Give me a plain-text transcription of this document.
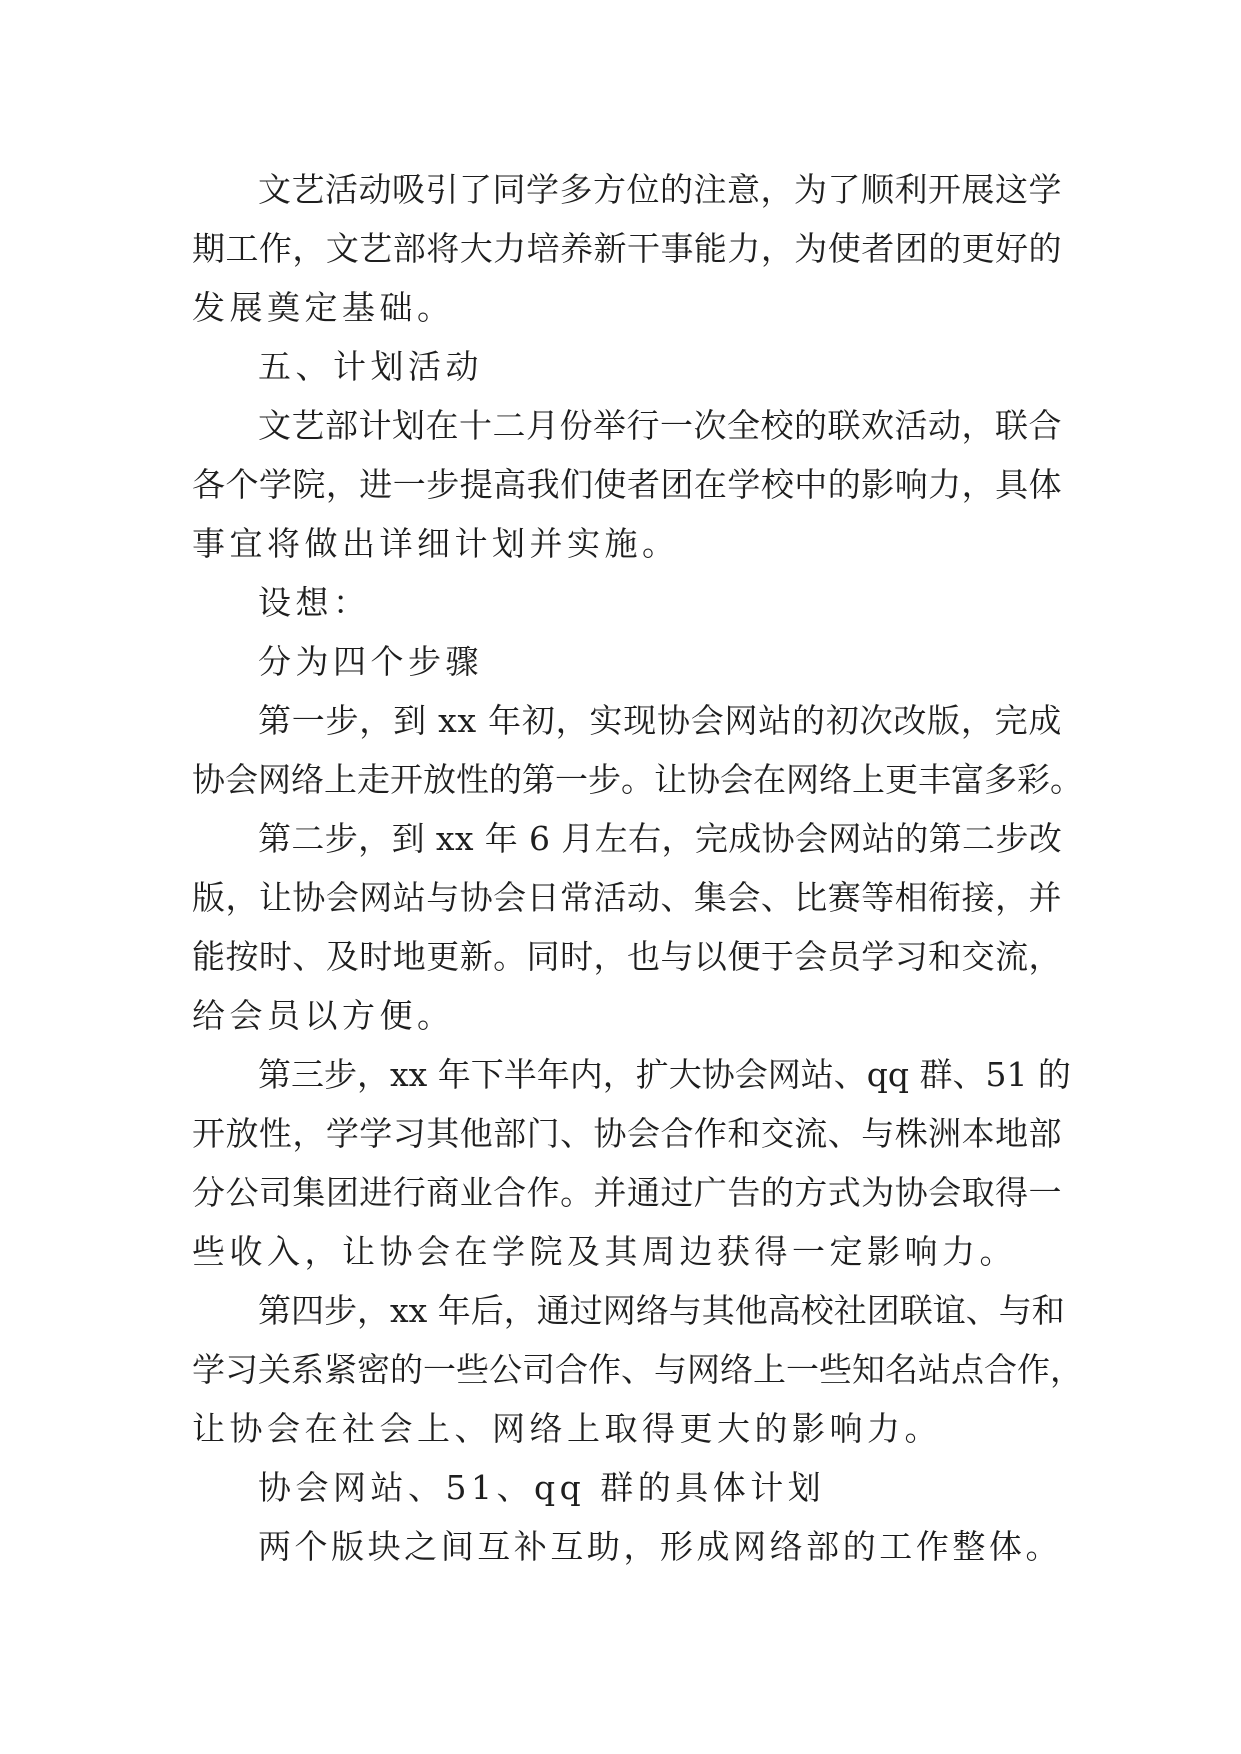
文艺活动吸引了同学多方位的注意，为了顺利开展这学
期工作，文艺部将大力培养新干事能力，为使者团的更好的
发展奠定基础。
五、计划活动
文艺部计划在十二月份举行一次全校的联欢活动，联合
各个学院，进一步提高我们使者团在学校中的影响力，具体
事宜将做出详细计划并实施。
设想：
分为四个步骤
第一步，到 xx 年初，实现协会网站的初次改版，完成
协会网络上走开放性的第一步。让协会在网络上更丰富多彩。
第二步，到 xx 年 6 月左右，完成协会网站的第二步改
版，让协会网站与协会日常活动、集会、比赛等相衔接，并
能按时、及时地更新。同时，也与以便于会员学习和交流，
给会员以方便。
第三步，xx 年下半年内，扩大协会网站、qq 群、51 的
开放性，学学习其他部门、协会合作和交流、与株洲本地部
分公司集团进行商业合作。并通过广告的方式为协会取得一
些收入，让协会在学院及其周边获得一定影响力。
第四步，xx 年后，通过网络与其他高校社团联谊、与和
学习关系紧密的一些公司合作、与网络上一些知名站点合作，
让协会在社会上、网络上取得更大的影响力。
协会网站、51、qq 群的具体计划
两个版块之间互补互助，形成网络部的工作整体。
